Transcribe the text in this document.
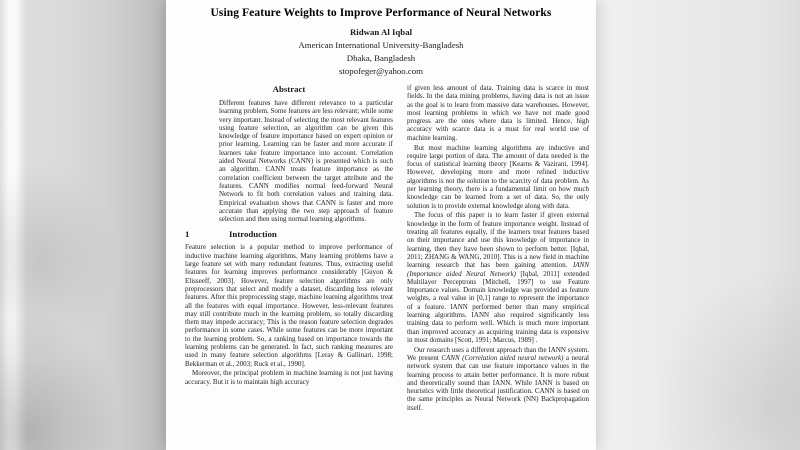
Using Feature Weights to Improve Performance of Neural Networks
Ridwan Al Iqbal
American International University-Bangladesh
Dhaka, Bangladesh
stopofeger@yahoo.com
Abstract

Different features have different relevance to a particular learning problem. Some features are less relevant; while some very important. Instead of selecting the most relevant features using feature selection, an algorithm can be given this knowledge of feature importance based on expert opinion or prior learning. Learning can be faster and more accurate if learners take feature importance into account. Correlation aided Neural Networks (CANN) is presented which is such an algorithm. CANN treats feature importance as the correlation coefficient between the target attribute and the features. CANN modifies normal feed-forward Neural Network to fit both correlation values and training data. Empirical evaluation shows that CANN is faster and more accurate than applying the two step approach of feature selection and then using normal learning algorithms.

1	Introduction

Feature selection is a popular method to improve performance of inductive machine learning algorithms. Many learning problems have a large feature set with many redundant features. Thus, extracting useful features for learning improves performance considerably [Guyon & Elisseeff, 2003]. However, feature selection algorithms are only preprocessors that select and modify a dataset, discarding less relevant features. After this preprocessing stage, machine learning algorithms treat all the features with equal importance. However, less-relevant features may still contribute much in the learning problem, so totally discarding them may impede accuracy; This is the reason feature selection degrades performance in some cases. While some features can be more important to the learning problem. So, a ranking based on importance towards the learning problems can be generated. In fact, such ranking measures are used in many feature selection algorithms [Leray & Gallinari, 1998; Bekkerman et al., 2003; Ruck et al., 1990].

Moreover, the principal problem in machine learning is not just having accuracy. But it is to maintain high accuracy

if given less amount of data. Training data is scarce in most fields. In the data mining problems, having data is not an issue as the goal is to learn from massive data warehouses. However, most learning problems in which we have not made good progress are the ones where data is limited. Hence, high accuracy with scarce data is a must for real world use of machine learning.

But most machine learning algorithms are inductive and require large portion of data. The amount of data needed is the focus of statistical learning theory [Kearns & Vazirani, 1994]. However, developing more and more refined inductive algorithms is not the solution to the scarcity of data problem. As per learning theory, there is a fundamental limit on how much knowledge can be learned from a set of data. So, the only solution is to provide external knowledge along with data.

The focus of this paper is to learn faster if given external knowledge in the form of feature importance weight. Instead of treating all features equally, if the learners treat features based on their importance and use this knowledge of importance in learning, then they have been shown to perform better. [Iqbal, 2011; ZHANG & WANG, 2010]. This is a new field in machine learning research that has been gaining attention. IANN (Importance aided Neural Network) [Iqbal, 2011] extended Multilayer Perceptrons [Mitchell, 1997] to use Feature Importance values. Domain knowledge was provided as feature weights, a real value in [0,1] range to represent the importance of a feature. IANN performed better than many empirical learning algorithms. IANN also required significantly less training data to perform well. Which is much more important than improved accuracy as acquiring training data is expensive in most domains [Scott, 1991; Marcus, 1989] .

Our research uses a different approach than the IANN system. We present CANN (Correlation aided neural network) a neural network system that can use feature importance values in the learning process to attain better performance. It is more robust and theoretically sound than IANN. While IANN is based on heuristics with little theoretical justification. CANN is based on the same principles as Neural Network (NN) Backpropagation itself.
